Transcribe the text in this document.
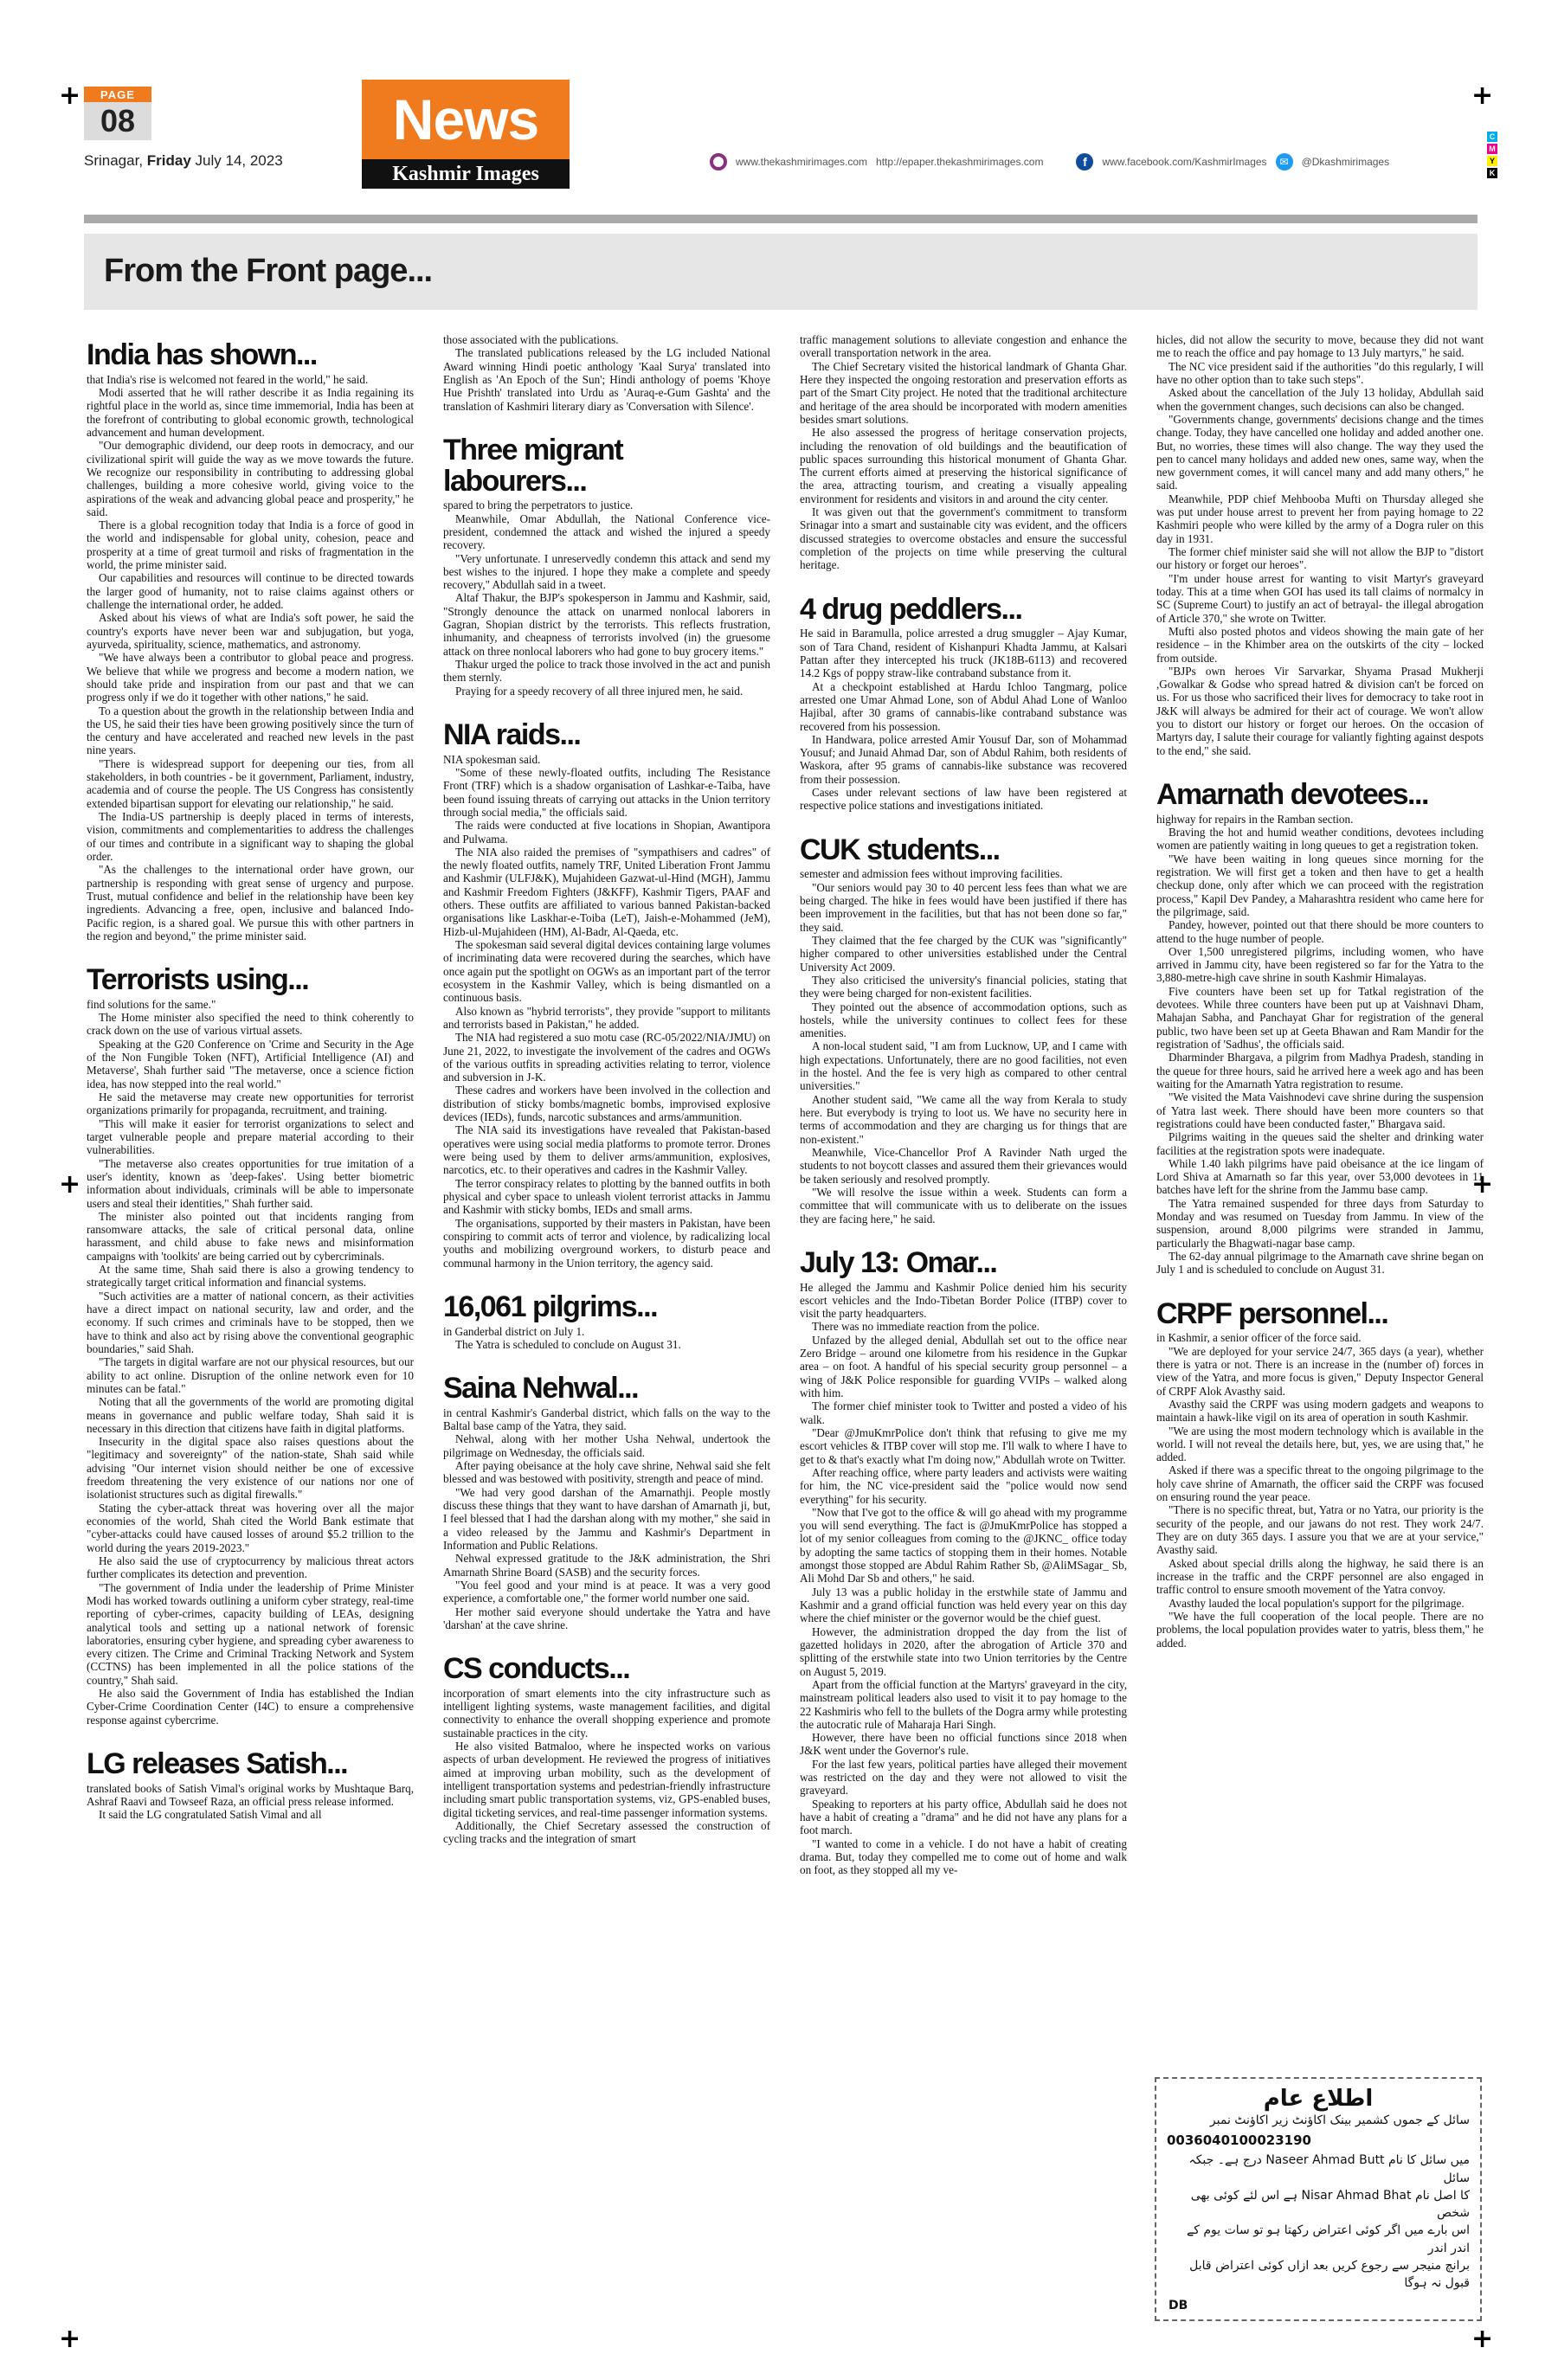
+	+
+	+
+	+
PAGE
08
Srinagar, Friday July 14, 2023
News
Kashmir Images
www.thekashmirimages.com http://epaper.thekashmirimages.com	f	www.facebook.com/KashmirImages	✉	@Dkashmirimages
C
M
Y
K
From the Front page...
India has shown...

that India's rise is welcomed not feared in the world," he said.

Modi asserted that he will rather describe it as India regaining its rightful place in the world as, since time immemorial, India has been at the forefront of contributing to global economic growth, technological advancement and human development.

"Our demographic dividend, our deep roots in democracy, and our civilizational spirit will guide the way as we move towards the future. We recognize our responsibility in contributing to addressing global challenges, building a more cohesive world, giving voice to the aspirations of the weak and advancing global peace and prosperity," he said.

There is a global recognition today that India is a force of good in the world and indispensable for global unity, cohesion, peace and prosperity at a time of great turmoil and risks of fragmentation in the world, the prime minister said.

Our capabilities and resources will continue to be directed towards the larger good of humanity, not to raise claims against others or challenge the international order, he added.

Asked about his views of what are India's soft power, he said the country's exports have never been war and subjugation, but yoga, ayurveda, spirituality, science, mathematics, and astronomy.

"We have always been a contributor to global peace and progress. We believe that while we progress and become a modern nation, we should take pride and inspiration from our past and that we can progress only if we do it together with other nations," he said.

To a question about the growth in the relationship between India and the US, he said their ties have been growing positively since the turn of the century and have accelerated and reached new levels in the past nine years.

"There is widespread support for deepening our ties, from all stakeholders, in both countries - be it government, Parliament, industry, academia and of course the people. The US Congress has consistently extended bipartisan support for elevating our relationship," he said.

The India-US partnership is deeply placed in terms of interests, vision, commitments and complementarities to address the challenges of our times and contribute in a significant way to shaping the global order.

"As the challenges to the international order have grown, our partnership is responding with great sense of urgency and purpose. Trust, mutual confidence and belief in the relationship have been key ingredients. Advancing a free, open, inclusive and balanced Indo-Pacific region, is a shared goal. We pursue this with other partners in the region and beyond," the prime minister said.

Terrorists using...

find solutions for the same."

The Home minister also specified the need to think coherently to crack down on the use of various virtual assets.

Speaking at the G20 Conference on 'Crime and Security in the Age of the Non Fungible Token (NFT), Artificial Intelligence (AI) and Metaverse', Shah further said "The metaverse, once a science fiction idea, has now stepped into the real world."

He said the metaverse may create new opportunities for terrorist organizations primarily for propaganda, recruitment, and training.

"This will make it easier for terrorist organizations to select and target vulnerable people and prepare material according to their vulnerabilities.

"The metaverse also creates opportunities for true imitation of a user's identity, known as 'deep-fakes'. Using better biometric information about individuals, criminals will be able to impersonate users and steal their identities," Shah further said.

The minister also pointed out that incidents ranging from ransomware attacks, the sale of critical personal data, online harassment, and child abuse to fake news and misinformation campaigns with 'toolkits' are being carried out by cybercriminals.

At the same time, Shah said there is also a growing tendency to strategically target critical information and financial systems.

"Such activities are a matter of national concern, as their activities have a direct impact on national security, law and order, and the economy. If such crimes and criminals have to be stopped, then we have to think and also act by rising above the conventional geographic boundaries," said Shah.

"The targets in digital warfare are not our physical resources, but our ability to act online. Disruption of the online network even for 10 minutes can be fatal."

Noting that all the governments of the world are promoting digital means in governance and public welfare today, Shah said it is necessary in this direction that citizens have faith in digital platforms.

Insecurity in the digital space also raises questions about the "legitimacy and sovereignty" of the nation-state, Shah said while advising "Our internet vision should neither be one of excessive freedom threatening the very existence of our nations nor one of isolationist structures such as digital firewalls."

Stating the cyber-attack threat was hovering over all the major economies of the world, Shah cited the World Bank estimate that "cyber-attacks could have caused losses of around $5.2 trillion to the world during the years 2019-2023."

He also said the use of cryptocurrency by malicious threat actors further complicates its detection and prevention.

"The government of India under the leadership of Prime Minister Modi has worked towards outlining a uniform cyber strategy, real-time reporting of cyber-crimes, capacity building of LEAs, designing analytical tools and setting up a national network of forensic laboratories, ensuring cyber hygiene, and spreading cyber awareness to every citizen. The Crime and Criminal Tracking Network and System (CCTNS) has been implemented in all the police stations of the country," Shah said.

He also said the Government of India has established the Indian Cyber-Crime Coordination Center (I4C) to ensure a comprehensive response against cybercrime.

LG releases Satish...

translated books of Satish Vimal's original works by Mushtaque Barq, Ashraf Raavi and Towseef Raza, an official press release informed.

It said the LG congratulated Satish Vimal and all

those associated with the publications.

The translated publications released by the LG included National Award winning Hindi poetic anthology 'Kaal Surya' translated into English as 'An Epoch of the Sun'; Hindi anthology of poems 'Khoye Hue Prishth' translated into Urdu as 'Auraq-e-Gum Gashta' and the translation of Kashmiri literary diary as 'Conversation with Silence'.

Three migrant labourers...

spared to bring the perpetrators to justice.

Meanwhile, Omar Abdullah, the National Conference vice-president, condemned the attack and wished the injured a speedy recovery.

"Very unfortunate. I unreservedly condemn this attack and send my best wishes to the injured. I hope they make a complete and speedy recovery," Abdullah said in a tweet.

Altaf Thakur, the BJP's spokesperson in Jammu and Kashmir, said, "Strongly denounce the attack on unarmed nonlocal laborers in Gagran, Shopian district by the terrorists. This reflects frustration, inhumanity, and cheapness of terrorists involved (in) the gruesome attack on three nonlocal laborers who had gone to buy grocery items."

Thakur urged the police to track those involved in the act and punish them sternly.

Praying for a speedy recovery of all three injured men, he said.

NIA raids...

NIA spokesman said.

"Some of these newly-floated outfits, including The Resistance Front (TRF) which is a shadow organisation of Lashkar-e-Taiba, have been found issuing threats of carrying out attacks in the Union territory through social media," the officials said.

The raids were conducted at five locations in Shopian, Awantipora and Pulwama.

The NIA also raided the premises of "sympathisers and cadres" of the newly floated outfits, namely TRF, United Liberation Front Jammu and Kashmir (ULFJ&K), Mujahideen Gazwat-ul-Hind (MGH), Jammu and Kashmir Freedom Fighters (J&KFF), Kashmir Tigers, PAAF and others. These outfits are affiliated to various banned Pakistan-backed organisations like Laskhar-e-Toiba (LeT), Jaish-e-Mohammed (JeM), Hizb-ul-Mujahideen (HM), Al-Badr, Al-Qaeda, etc.

The spokesman said several digital devices containing large volumes of incriminating data were recovered during the searches, which have once again put the spotlight on OGWs as an important part of the terror ecosystem in the Kashmir Valley, which is being dismantled on a continuous basis.

Also known as "hybrid terrorists", they provide "support to militants and terrorists based in Pakistan," he added.

The NIA had registered a suo motu case (RC-05/2022/NIA/JMU) on June 21, 2022, to investigate the involvement of the cadres and OGWs of the various outfits in spreading activities relating to terror, violence and subversion in J-K.

These cadres and workers have been involved in the collection and distribution of sticky bombs/magnetic bombs, improvised explosive devices (IEDs), funds, narcotic substances and arms/ammunition.

The NIA said its investigations have revealed that Pakistan-based operatives were using social media platforms to promote terror. Drones were being used by them to deliver arms/ammunition, explosives, narcotics, etc. to their operatives and cadres in the Kashmir Valley.

The terror conspiracy relates to plotting by the banned outfits in both physical and cyber space to unleash violent terrorist attacks in Jammu and Kashmir with sticky bombs, IEDs and small arms.

The organisations, supported by their masters in Pakistan, have been conspiring to commit acts of terror and violence, by radicalizing local youths and mobilizing overground workers, to disturb peace and communal harmony in the Union territory, the agency said.

16,061 pilgrims...

in Ganderbal district on July 1.

The Yatra is scheduled to conclude on August 31.

Saina Nehwal...

in central Kashmir's Ganderbal district, which falls on the way to the Baltal base camp of the Yatra, they said.

Nehwal, along with her mother Usha Nehwal, undertook the pilgrimage on Wednesday, the officials said.

After paying obeisance at the holy cave shrine, Nehwal said she felt blessed and was bestowed with positivity, strength and peace of mind.

"We had very good darshan of the Amarnathji. People mostly discuss these things that they want to have darshan of Amarnath ji, but, I feel blessed that I had the darshan along with my mother," she said in a video released by the Jammu and Kashmir's Department in Information and Public Relations.

Nehwal expressed gratitude to the J&K administration, the Shri Amarnath Shrine Board (SASB) and the security forces.

"You feel good and your mind is at peace. It was a very good experience, a comfortable one," the former world number one said.

Her mother said everyone should undertake the Yatra and have 'darshan' at the cave shrine.

CS conducts...

incorporation of smart elements into the city infrastructure such as intelligent lighting systems, waste management facilities, and digital connectivity to enhance the overall shopping experience and promote sustainable practices in the city.

He also visited Batmaloo, where he inspected works on various aspects of urban development. He reviewed the progress of initiatives aimed at improving urban mobility, such as the development of intelligent transportation systems and pedestrian-friendly infrastructure including smart public transportation systems, viz, GPS-enabled buses, digital ticketing services, and real-time passenger information systems.

Additionally, the Chief Secretary assessed the construction of cycling tracks and the integration of smart

traffic management solutions to alleviate congestion and enhance the overall transportation network in the area.

The Chief Secretary visited the historical landmark of Ghanta Ghar. Here they inspected the ongoing restoration and preservation efforts as part of the Smart City project. He noted that the traditional architecture and heritage of the area should be incorporated with modern amenities besides smart solutions.

He also assessed the progress of heritage conservation projects, including the renovation of old buildings and the beautification of public spaces surrounding this historical monument of Ghanta Ghar. The current efforts aimed at preserving the historical significance of the area, attracting tourism, and creating a visually appealing environment for residents and visitors in and around the city center.

It was given out that the government's commitment to transform Srinagar into a smart and sustainable city was evident, and the officers discussed strategies to overcome obstacles and ensure the successful completion of the projects on time while preserving the cultural heritage.

4 drug peddlers...

He said in Baramulla, police arrested a drug smuggler – Ajay Kumar, son of Tara Chand, resident of Kishanpuri Khadta Jammu, at Kalsari Pattan after they intercepted his truck (JK18B-6113) and recovered 14.2 Kgs of poppy straw-like contraband substance from it.

At a checkpoint established at Hardu Ichloo Tangmarg, police arrested one Umar Ahmad Lone, son of Abdul Ahad Lone of Wanloo Hajibal, after 30 grams of cannabis-like contraband substance was recovered from his possession.

In Handwara, police arrested Amir Yousuf Dar, son of Mohammad Yousuf; and Junaid Ahmad Dar, son of Abdul Rahim, both residents of Waskora, after 95 grams of cannabis-like substance was recovered from their possession.

Cases under relevant sections of law have been registered at respective police stations and investigations initiated.

CUK students...

semester and admission fees without improving facilities.

"Our seniors would pay 30 to 40 percent less fees than what we are being charged. The hike in fees would have been justified if there has been improvement in the facilities, but that has not been done so far," they said.

They claimed that the fee charged by the CUK was "significantly" higher compared to other universities established under the Central University Act 2009.

They also criticised the university's financial policies, stating that they were being charged for non-existent facilities.

They pointed out the absence of accommodation options, such as hostels, while the university continues to collect fees for these amenities.

A non-local student said, "I am from Lucknow, UP, and I came with high expectations. Unfortunately, there are no good facilities, not even in the hostel. And the fee is very high as compared to other central universities."

Another student said, "We came all the way from Kerala to study here. But everybody is trying to loot us. We have no security here in terms of accommodation and they are charging us for things that are non-existent."

Meanwhile, Vice-Chancellor Prof A Ravinder Nath urged the students to not boycott classes and assured them their grievances would be taken seriously and resolved promptly.

"We will resolve the issue within a week. Students can form a committee that will communicate with us to deliberate on the issues they are facing here," he said.

July 13: Omar...

He alleged the Jammu and Kashmir Police denied him his security escort vehicles and the Indo-Tibetan Border Police (ITBP) cover to visit the party headquarters.

There was no immediate reaction from the police.

Unfazed by the alleged denial, Abdullah set out to the office near Zero Bridge – around one kilometre from his residence in the Gupkar area – on foot. A handful of his special security group personnel – a wing of J&K Police responsible for guarding VVIPs – walked along with him.

The former chief minister took to Twitter and posted a video of his walk.

"Dear @JmuKmrPolice don't think that refusing to give me my escort vehicles & ITBP cover will stop me. I'll walk to where I have to get to & that's exactly what I'm doing now," Abdullah wrote on Twitter.

After reaching office, where party leaders and activists were waiting for him, the NC vice-president said the "police would now send everything" for his security.

"Now that I've got to the office & will go ahead with my programme you will send everything. The fact is @JmuKmrPolice has stopped a lot of my senior colleagues from coming to the @JKNC_ office today by adopting the same tactics of stopping them in their homes. Notable amongst those stopped are Abdul Rahim Rather Sb, @AliMSagar_ Sb, Ali Mohd Dar Sb and others," he said.

July 13 was a public holiday in the erstwhile state of Jammu and Kashmir and a grand official function was held every year on this day where the chief minister or the governor would be the chief guest.

However, the administration dropped the day from the list of gazetted holidays in 2020, after the abrogation of Article 370 and splitting of the erstwhile state into two Union territories by the Centre on August 5, 2019.

Apart from the official function at the Martyrs' graveyard in the city, mainstream political leaders also used to visit it to pay homage to the 22 Kashmiris who fell to the bullets of the Dogra army while protesting the autocratic rule of Maharaja Hari Singh.

However, there have been no official functions since 2018 when J&K went under the Governor's rule.

For the last few years, political parties have alleged their movement was restricted on the day and they were not allowed to visit the graveyard.

Speaking to reporters at his party office, Abdullah said he does not have a habit of creating a "drama" and he did not have any plans for a foot march.

"I wanted to come in a vehicle. I do not have a habit of creating drama. But, today they compelled me to come out of home and walk on foot, as they stopped all my ve-

hicles, did not allow the security to move, because they did not want me to reach the office and pay homage to 13 July martyrs," he said.

The NC vice president said if the authorities "do this regularly, I will have no other option than to take such steps".

Asked about the cancellation of the July 13 holiday, Abdullah said when the government changes, such decisions can also be changed.

"Governments change, governments' decisions change and the times change. Today, they have cancelled one holiday and added another one. But, no worries, these times will also change. The way they used the pen to cancel many holidays and added new ones, same way, when the new government comes, it will cancel many and add many others," he said.

Meanwhile, PDP chief Mehbooba Mufti on Thursday alleged she was put under house arrest to prevent her from paying homage to 22 Kashmiri people who were killed by the army of a Dogra ruler on this day in 1931.

The former chief minister said she will not allow the BJP to "distort our history or forget our heroes".

"I'm under house arrest for wanting to visit Martyr's graveyard today. This at a time when GOI has used its tall claims of normalcy in SC (Supreme Court) to justify an act of betrayal- the illegal abrogation of Article 370," she wrote on Twitter.

Mufti also posted photos and videos showing the main gate of her residence – in the Khimber area on the outskirts of the city – locked from outside.

"BJPs own heroes Vir Sarvarkar, Shyama Prasad Mukherji ,Gowalkar & Godse who spread hatred & division can't be forced on us. For us those who sacrificed their lives for democracy to take root in J&K will always be admired for their act of courage. We won't allow you to distort our history or forget our heroes. On the occasion of Martyrs day, I salute their courage for valiantly fighting against despots to the end," she said.

Amarnath devotees...

highway for repairs in the Ramban section.

Braving the hot and humid weather conditions, devotees including women are patiently waiting in long queues to get a registration token.

"We have been waiting in long queues since morning for the registration. We will first get a token and then have to get a health checkup done, only after which we can proceed with the registration process," Kapil Dev Pandey, a Maharashtra resident who came here for the pilgrimage, said.

Pandey, however, pointed out that there should be more counters to attend to the huge number of people.

Over 1,500 unregistered pilgrims, including women, who have arrived in Jammu city, have been registered so far for the Yatra to the 3,880-metre-high cave shrine in south Kashmir Himalayas.

Five counters have been set up for Tatkal registration of the devotees. While three counters have been put up at Vaishnavi Dham, Mahajan Sabha, and Panchayat Ghar for registration of the general public, two have been set up at Geeta Bhawan and Ram Mandir for the registration of 'Sadhus', the officials said.

Dharminder Bhargava, a pilgrim from Madhya Pradesh, standing in the queue for three hours, said he arrived here a week ago and has been waiting for the Amarnath Yatra registration to resume.

"We visited the Mata Vaishnodevi cave shrine during the suspension of Yatra last week. There should have been more counters so that registrations could have been conducted faster," Bhargava said.

Pilgrims waiting in the queues said the shelter and drinking water facilities at the registration spots were inadequate.

While 1.40 lakh pilgrims have paid obeisance at the ice lingam of Lord Shiva at Amarnath so far this year, over 53,000 devotees in 11 batches have left for the shrine from the Jammu base camp.

The Yatra remained suspended for three days from Saturday to Monday and was resumed on Tuesday from Jammu. In view of the suspension, around 8,000 pilgrims were stranded in Jammu, particularly the Bhagwati-nagar base camp.

The 62-day annual pilgrimage to the Amarnath cave shrine began on July 1 and is scheduled to conclude on August 31.

CRPF personnel...

in Kashmir, a senior officer of the force said.

"We are deployed for your service 24/7, 365 days (a year), whether there is yatra or not. There is an increase in the (number of) forces in view of the Yatra, and more focus is given," Deputy Inspector General of CRPF Alok Avasthy said.

Avasthy said the CRPF was using modern gadgets and weapons to maintain a hawk-like vigil on its area of operation in south Kashmir.

"We are using the most modern technology which is available in the world. I will not reveal the details here, but, yes, we are using that," he added.

Asked if there was a specific threat to the ongoing pilgrimage to the holy cave shrine of Amarnath, the officer said the CRPF was focused on ensuring round the year peace.

"There is no specific threat, but, Yatra or no Yatra, our priority is the security of the people, and our jawans do not rest. They work 24/7. They are on duty 365 days. I assure you that we are at your service," Avasthy said.

Asked about special drills along the highway, he said there is an increase in the traffic and the CRPF personnel are also engaged in traffic control to ensure smooth movement of the Yatra convoy.

Avasthy lauded the local population's support for the pilgrimage.

"We have the full cooperation of the local people. There are no problems, the local population provides water to yatris, bless them," he added.

اطلاع عام
سائل کے جموں کشمیر بینک اکاؤنٹ زیر اکاؤنٹ نمبر
0036040100023190
میں سائل کا نام Naseer Ahmad Butt درج ہے۔ جبکہ سائل
کا اصل نام Nisar Ahmad Bhat ہے اس لئے کوئی بھی شخص
اس بارے میں اگر کوئی اعتراض رکھتا ہو تو سات یوم کے اندر اندر
برانچ منیجر سے رجوع کریں بعد ازاں کوئی اعتراض قابل قبول نہ ہوگا
DB
